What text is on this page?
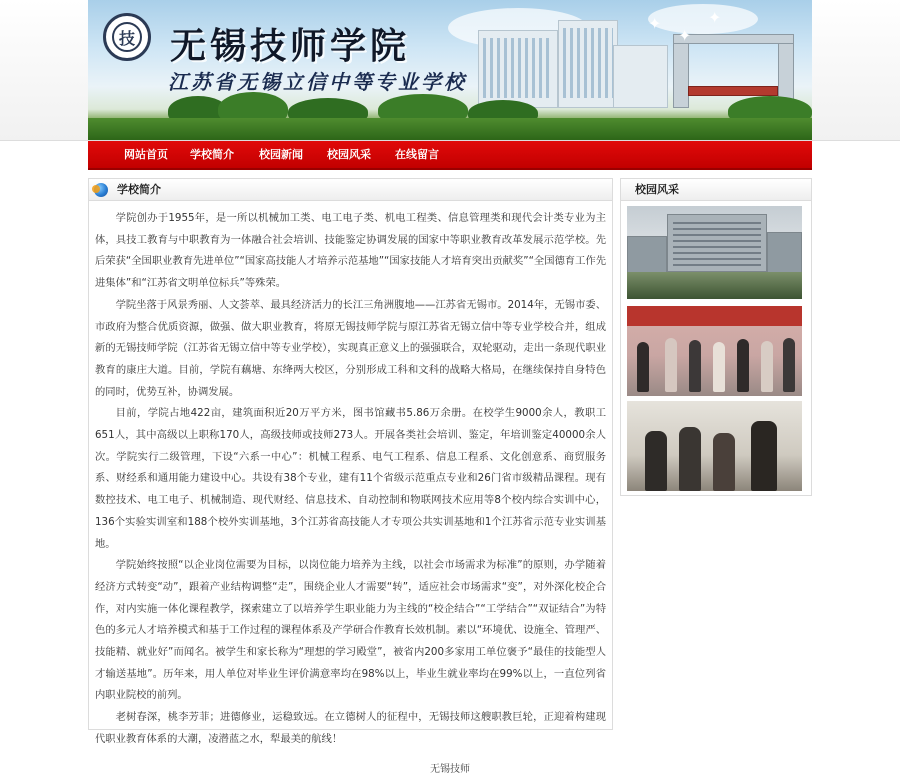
✦
✦
✦
技 无锡技师学院
江苏省无锡立信中等专业学校
网站首页 学校简介 校园新闻 校园风采 在线留言
学校简介

学院创办于1955年，是一所以机械加工类、电工电子类、机电工程类、信息管理类和现代会计类专业为主体，具技工教育与中职教育为一体融合社会培训、技能鉴定协调发展的国家中等职业教育改革发展示范学校。先后荣获“全国职业教育先进单位”“国家高技能人才培养示范基地”“国家技能人才培育突出贡献奖”“全国德育工作先进集体”和“江苏省文明单位标兵”等殊荣。

学院坐落于风景秀丽、人文荟萃、最具经济活力的长江三角洲腹地——江苏省无锡市。2014年，无锡市委、市政府为整合优质资源，做强、做大职业教育，将原无锡技师学院与原江苏省无锡立信中等专业学校合并，组成新的无锡技师学院（江苏省无锡立信中等专业学校），实现真正意义上的强强联合，双轮驱动，走出一条现代职业教育的康庄大道。目前，学院有藕塘、东绛两大校区，分别形成工科和文科的战略大格局，在继续保持自身特色的同时，优势互补，协调发展。

目前，学院占地422亩，建筑面积近20万平方米，图书馆藏书5.86万余册。在校学生9000余人，教职工651人，其中高级以上职称170人，高级技师或技师273人。开展各类社会培训、鉴定，年培训鉴定40000余人次。学院实行二级管理，下设“六系一中心”：机械工程系、电气工程系、信息工程系、文化创意系、商贸服务系、财经系和通用能力建设中心。共设有38个专业，建有11个省级示范重点专业和26门省市级精品课程。现有数控技术、电工电子、机械制造、现代财经、信息技术、自动控制和物联网技术应用等8个校内综合实训中心，136个实验实训室和188个校外实训基地，3个江苏省高技能人才专项公共实训基地和1个江苏省示范专业实训基地。

学院始终按照“以企业岗位需要为目标，以岗位能力培养为主线，以社会市场需求为标准”的原则，办学随着经济方式转变“动”，跟着产业结构调整“走”，围绕企业人才需要“转”，适应社会市场需求“变”，对外深化校企合作，对内实施一体化课程教学，探索建立了以培养学生职业能力为主线的“校企结合”“工学结合”“双证结合”为特色的多元人才培养模式和基于工作过程的课程体系及产学研合作教育长效机制。素以“环境优、设施全、管理严、技能精、就业好”而闻名。被学生和家长称为“理想的学习殿堂”，被省内200多家用工单位褒予“最佳的技能型人才输送基地”。历年来，用人单位对毕业生评价满意率均在98%以上，毕业生就业率均在99%以上，一直位列省内职业院校的前列。

老树春深，桃李芳菲；进德修业，运稳致远。在立德树人的征程中，无锡技师这艘职教巨轮，正迎着构建现代职业教育体系的大潮，凌潜蓝之水，犁最美的航线！

校园风采
无锡技师
